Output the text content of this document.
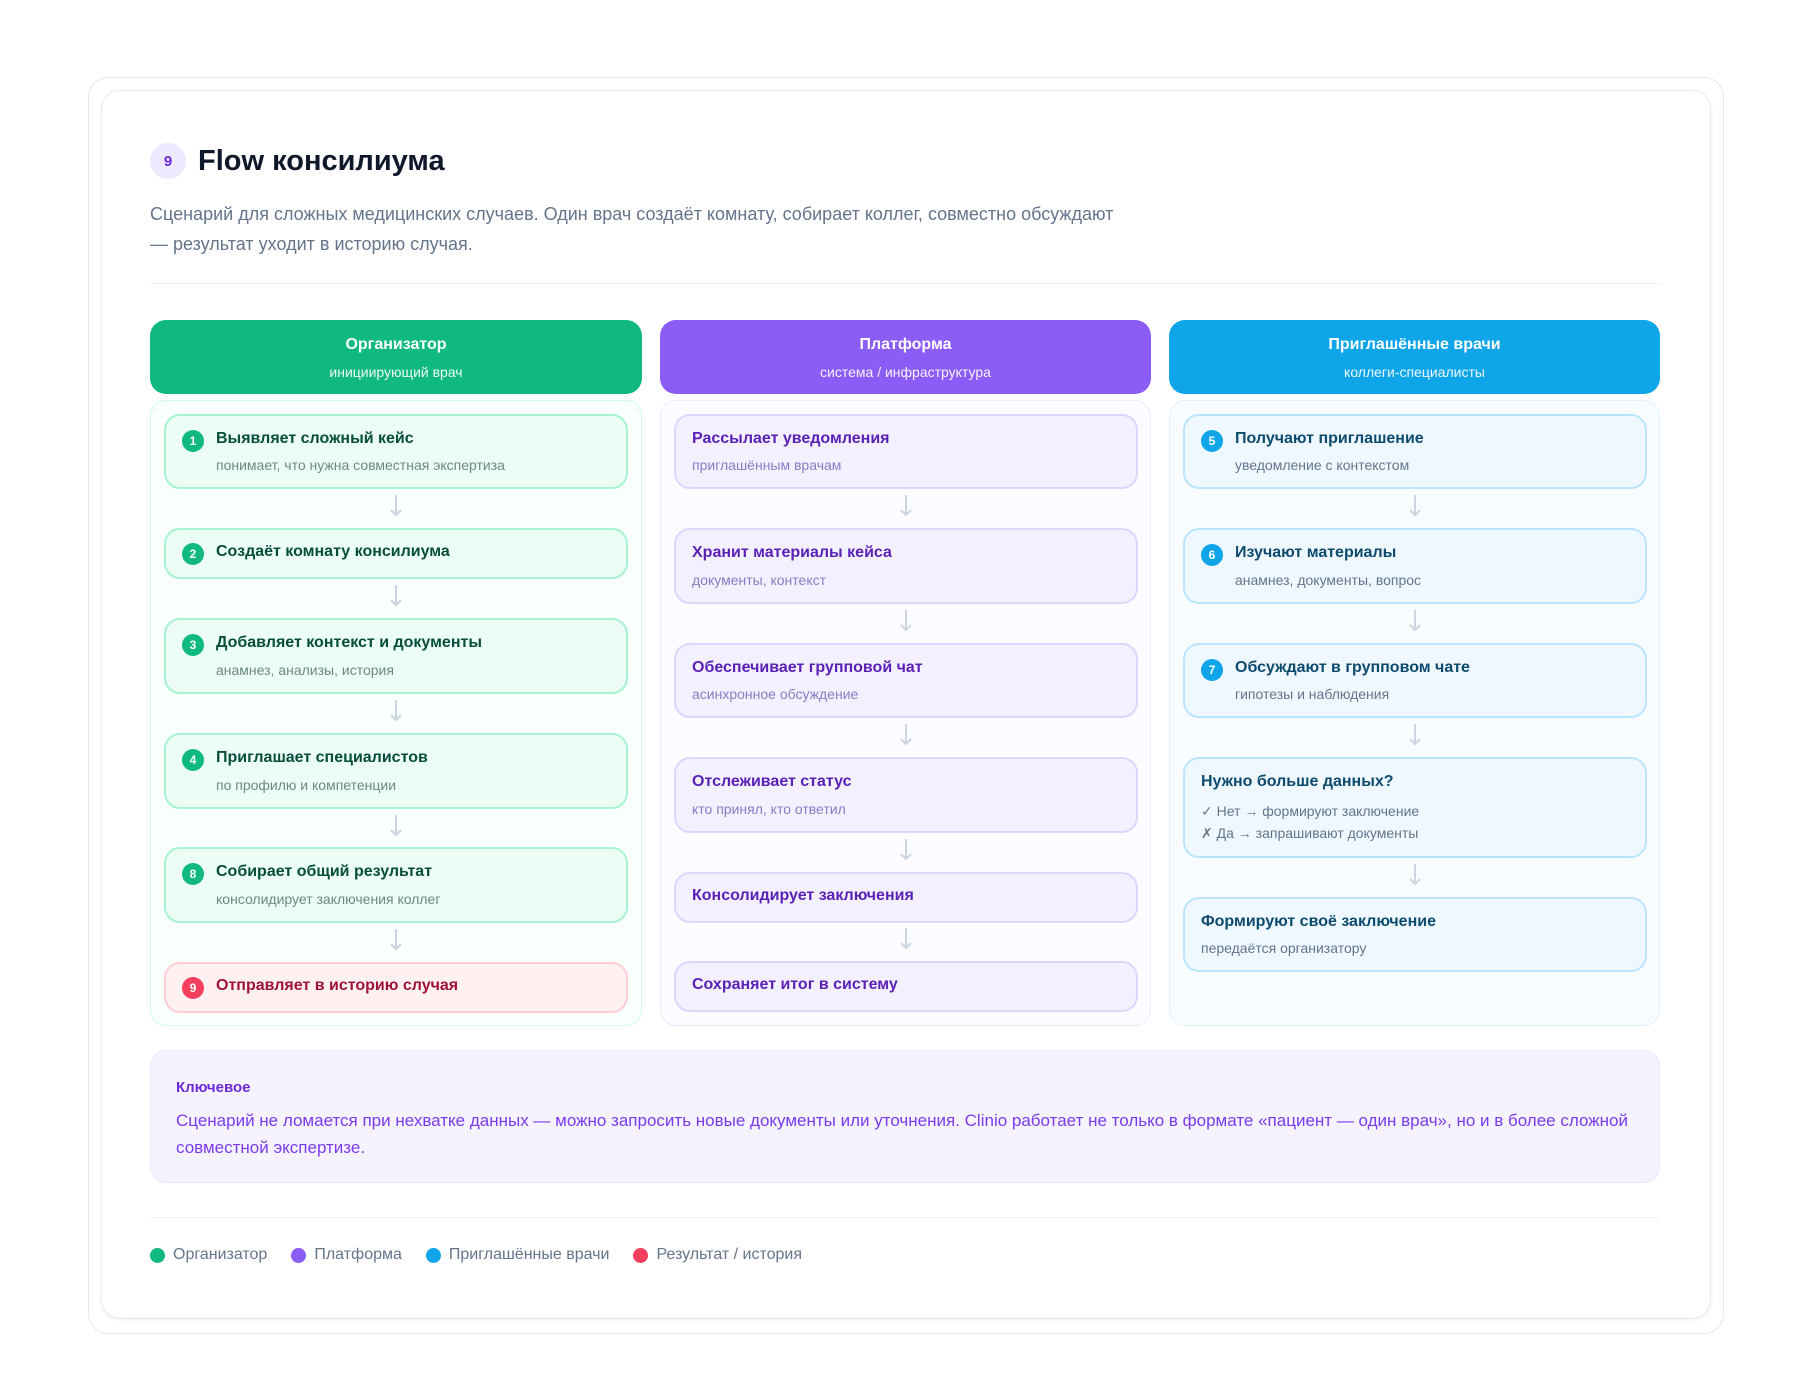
9 Flow консилиума
Сценарий для сложных медицинских случаев. Один врач создаёт комнату, собирает коллег, совместно обсуждают — результат уходит в историю случая.
Организатор
инициирующий врач
1	Выявляет сложный кейс
понимает, что нужна совместная экспертиза
2	Создаёт комнату консилиума
3	Добавляет контекст и документы
анамнез, анализы, история
4	Приглашает специалистов
по профилю и компетенции
8	Собирает общий результат
консолидирует заключения коллег
9	Отправляет в историю случая
Платформа
система / инфраструктура
Рассылает уведомления
приглашённым врачам
Хранит материалы кейса
документы, контекст
Обеспечивает групповой чат
асинхронное обсуждение
Отслеживает статус
кто принял, кто ответил
Консолидирует заключения
Сохраняет итог в систему
Приглашённые врачи
коллеги-специалисты
5	Получают приглашение
уведомление с контекстом
6	Изучают материалы
анамнез, документы, вопрос
7	Обсуждают в групповом чате
гипотезы и наблюдения
Нужно больше данных?
✓ Нет → формируют заключение
✗ Да → запрашивают документы
Формируют своё заключение
передаётся организатору
Ключевое
Сценарий не ломается при нехватке данных — можно запросить новые документы или уточнения. Clinio работает не только в формате «пациент — один врач», но и в более сложной совместной экспертизе.
Организатор	Платформа	Приглашённые врачи	Результат / история
